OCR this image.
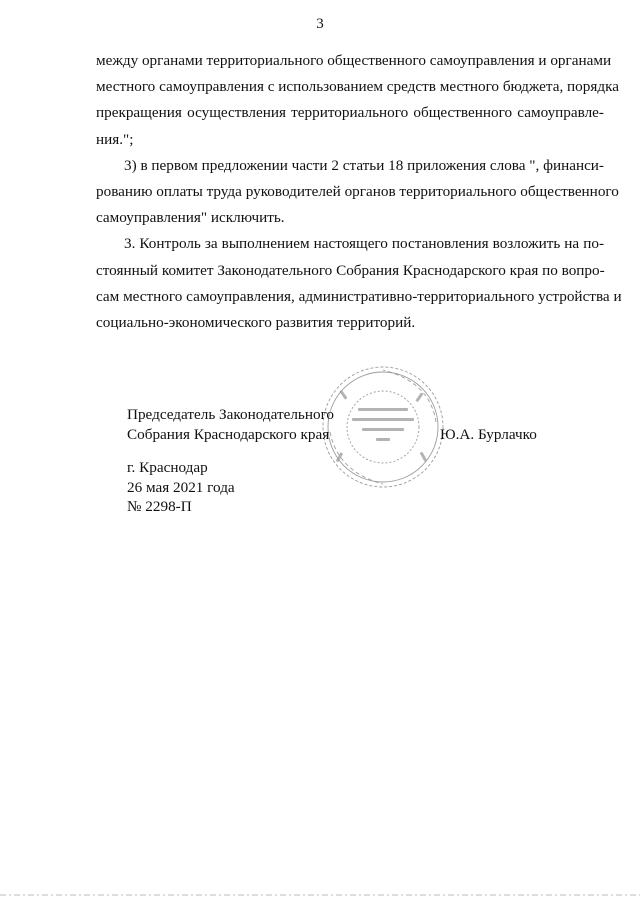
3
между органами территориального общественного самоуправления и органами
местного самоуправления с использованием средств местного бюджета, порядка
прекращения осуществления территориального общественного самоуправле-
ния.";
3) в первом предложении части 2 статьи 18 приложения слова ", финанси-
рованию оплаты труда руководителей органов территориального общественного
самоуправления" исключить.
3. Контроль за выполнением настоящего постановления возложить на по-
стоянный комитет Законодательного Собрания Краснодарского края по вопро-
сам местного самоуправления, административно-территориального устройства и
социально-экономического развития территорий.
Председатель Законодательного
Собрания Краснодарского края	Ю.А. Бурлачко
г. Краснодар
26 мая 2021 года
№ 2298-П
